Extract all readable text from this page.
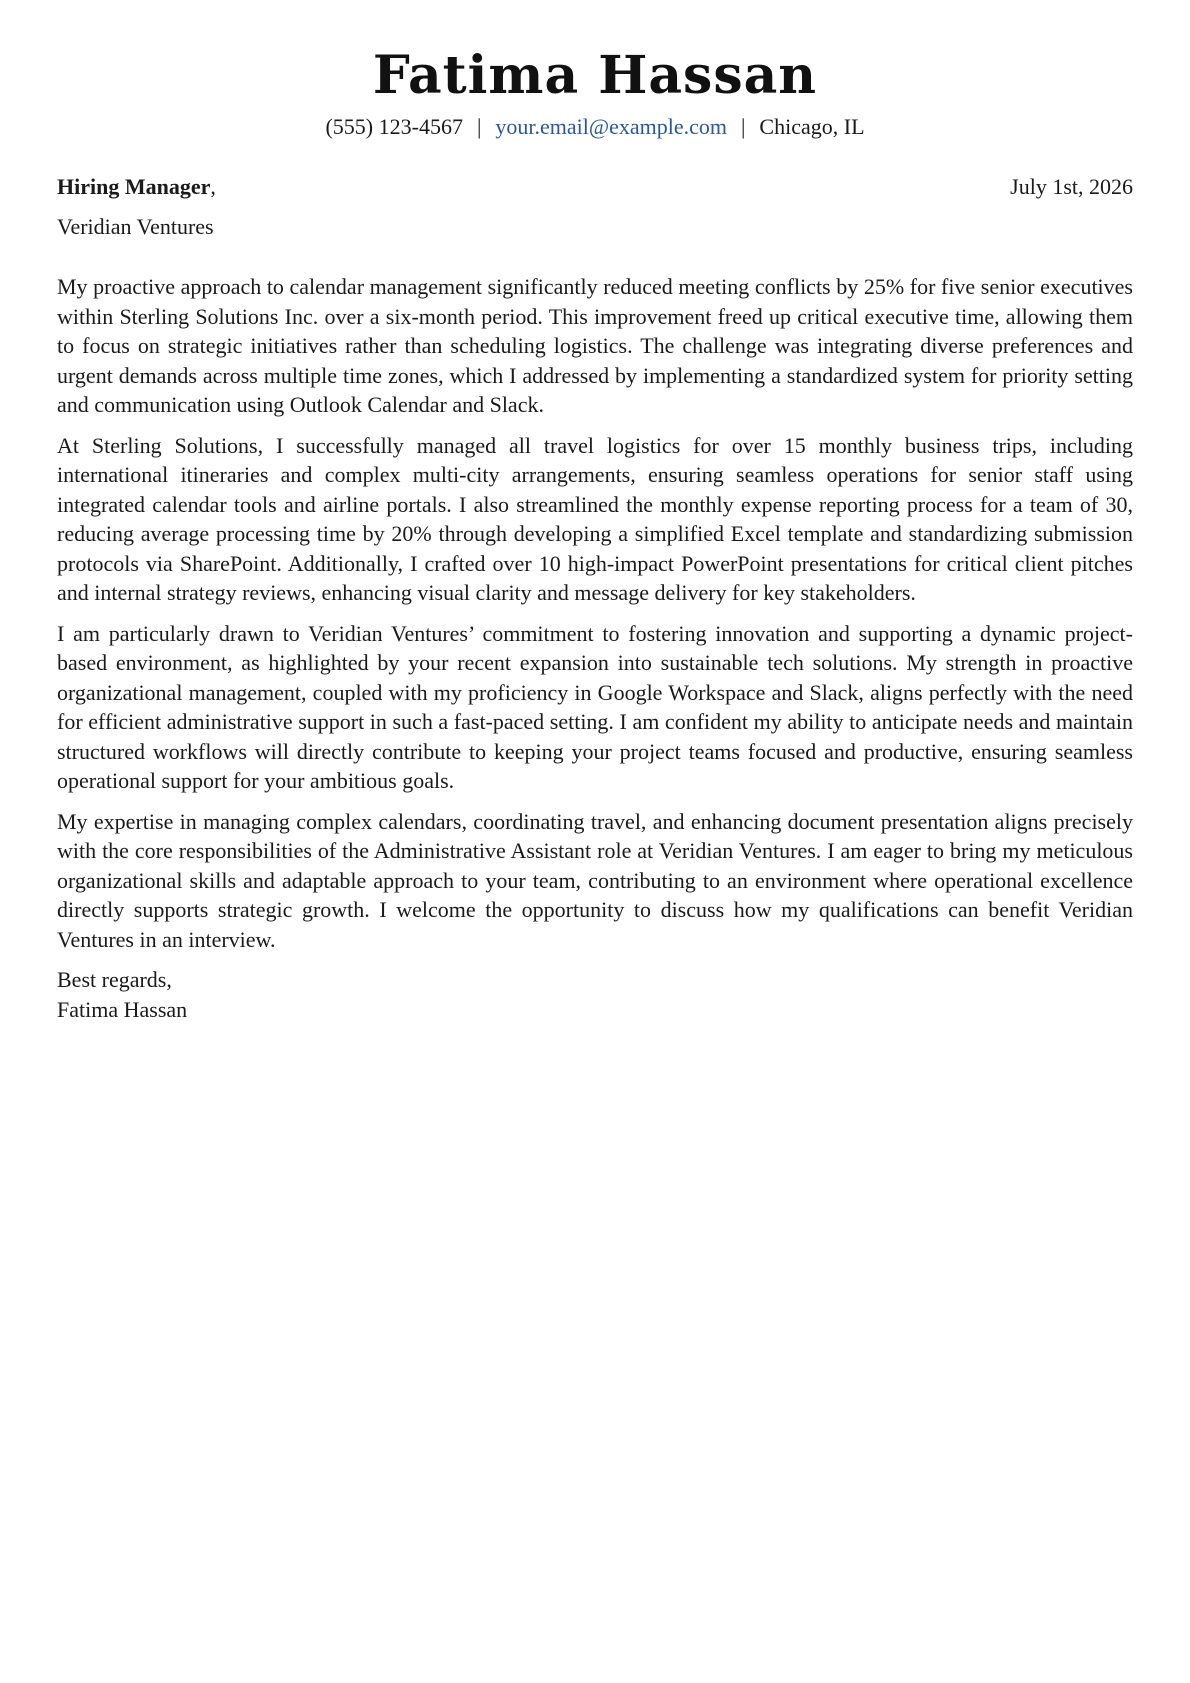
Fatima Hassan
(555) 123-4567 | your.email@example.com | Chicago, IL
Hiring Manager,	July 1st, 2026
Veridian Ventures

My proactive approach to calendar management significantly reduced meeting conflicts by 25% for five senior executives within Sterling Solutions Inc. over a six-month period. This improvement freed up critical executive time, allowing them to focus on strategic initiatives rather than scheduling logistics. The challenge was integrating diverse preferences and urgent demands across multiple time zones, which I addressed by implementing a standardized system for priority setting and communication using Outlook Calendar and Slack.

At Sterling Solutions, I successfully managed all travel logistics for over 15 monthly business trips, including international itineraries and complex multi-city arrangements, ensuring seamless operations for senior staff using integrated calendar tools and airline portals. I also streamlined the monthly expense reporting process for a team of 30, reducing average processing time by 20% through developing a simplified Excel template and standardizing submission protocols via SharePoint. Additionally, I crafted over 10 high-impact PowerPoint presentations for critical client pitches and internal strategy reviews, enhancing visual clarity and message delivery for key stakeholders.

I am particularly drawn to Veridian Ventures’ commitment to fostering innovation and supporting a dynamic project-based environment, as highlighted by your recent expansion into sustainable tech solutions. My strength in proactive organizational management, coupled with my proficiency in Google Workspace and Slack, aligns perfectly with the need for efficient administrative support in such a fast-paced setting. I am confident my ability to anticipate needs and maintain structured workflows will directly contribute to keeping your project teams focused and productive, ensuring seamless operational support for your ambitious goals.

My expertise in managing complex calendars, coordinating travel, and enhancing document presentation aligns precisely with the core responsibilities of the Administrative Assistant role at Veridian Ventures. I am eager to bring my meticulous organizational skills and adaptable approach to your team, contributing to an environment where operational excellence directly supports strategic growth. I welcome the opportunity to discuss how my qualifications can benefit Veridian Ventures in an interview.

Best regards,
Fatima Hassan
